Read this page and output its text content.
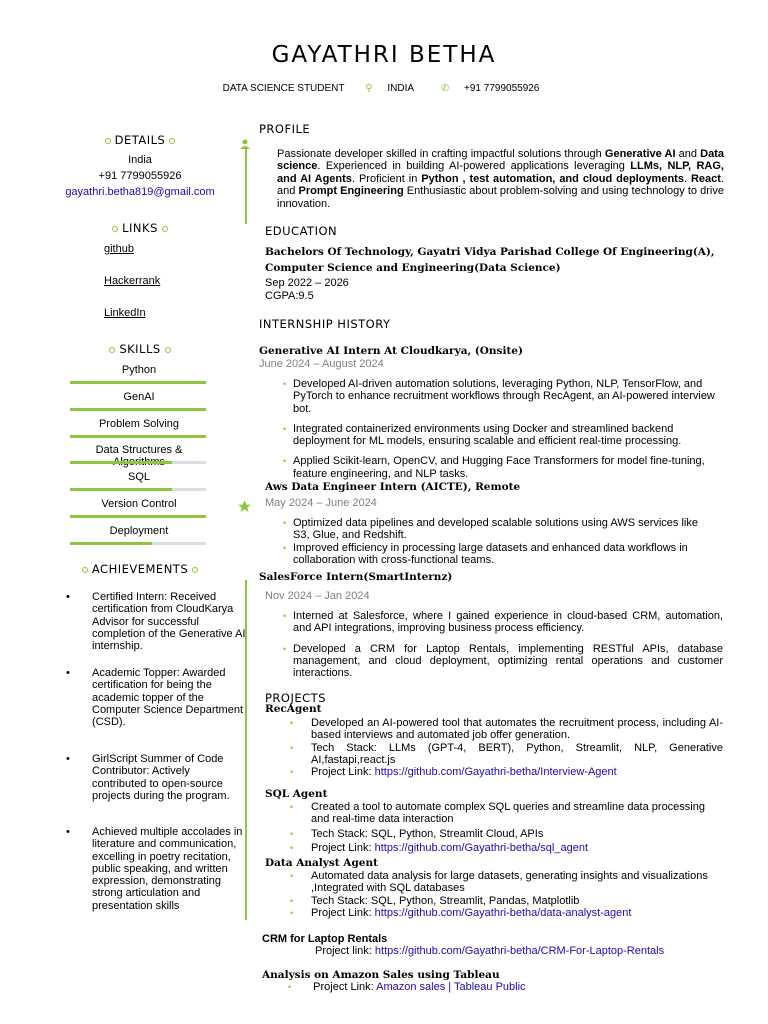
GAYATHRI BETHA
DATA SCIENCE STUDENT ⚲ INDIA	✆ +91 7799055926
DETAILS
India
+91 7799055926
gayathri.betha819@gmail.com
LINKS
github
Hackerrank
LinkedIn
SKILLS
Python
GenAI
Problem Solving
Data Structures &
SQL
Version Control
Deployment
ACHIEVEMENTS
• Certified Intern: Received certification from CloudKarya Advisor for successful completion of the Generative AI internship.
• Academic Topper: Awarded certification for being the academic topper of the Computer Science Department (CSD).
• GirlScript Summer of Code Contributor: Actively contributed to open-source projects during the program.
• Achieved multiple accolades in literature and communication, excelling in poetry recitation, public speaking, and written expression, demonstrating strong articulation and presentation skills
PROFILE
Passionate developer skilled in crafting impactful solutions through Generative AI and Data science. Experienced in building AI-powered applications leveraging LLMs, NLP, RAG, and AI Agents. Proficient in Python , test automation, and cloud deployments. React. and Prompt Engineering Enthusiastic about problem-solving and using technology to drive innovation.
EDUCATION
Bachelors Of Technology, Gayatri Vidya Parishad College Of Engineering(A), Computer Science and Engineering(Data Science)
Sep 2022 – 2026
CGPA:9.5
INTERNSHIP HISTORY
Generative AI Intern At Cloudkarya, (Onsite)
June 2024 – August 2024
• Developed AI-driven automation solutions, leveraging Python, NLP, TensorFlow, and PyTorch to enhance recruitment workflows through RecAgent, an AI-powered interview bot.
• Integrated containerized environments using Docker and streamlined backend deployment for ML models, ensuring scalable and efficient real-time processing.
• Applied Scikit-learn, OpenCV, and Hugging Face Transformers for model fine-tuning, feature engineering, and NLP tasks.
Aws Data Engineer Intern (AICTE), Remote
May 2024 – June 2024
• Optimized data pipelines and developed scalable solutions using AWS services like S3, Glue, and Redshift.
• Improved efficiency in processing large datasets and enhanced data workflows in collaboration with cross-functional teams.
SalesForce Intern(SmartInternz)
Nov 2024 – Jan 2024
• Interned at Salesforce, where I gained experience in cloud-based CRM, automation, and API integrations, improving business process efficiency.
• Developed a CRM for Laptop Rentals, implementing RESTful APIs, database management, and cloud deployment, optimizing rental operations and customer interactions.
PROJECTS
RecAgent
• Developed an AI-powered tool that automates the recruitment process, including AI-based interviews and automated job offer generation.
• Tech Stack: LLMs (GPT-4, BERT), Python, Streamlit, NLP, Generative AI,fastapi,react.js
• Project Link: https://github.com/Gayathri-betha/Interview-Agent
SQL Agent
• Created a tool to automate complex SQL queries and streamline data processing and real-time data interaction
• Tech Stack: SQL, Python, Streamlit Cloud, APIs
• Project Link: https://github.com/Gayathri-betha/sql_agent
Data Analyst Agent
• Automated data analysis for large datasets, generating insights and visualizations ,Integrated with SQL databases
• Tech Stack: SQL, Python, Streamlit, Pandas, Matplotlib
• Project Link: https://github.com/Gayathri-betha/data-analyst-agent
CRM for Laptop Rentals
Project link: https://github.com/Gayathri-betha/CRM-For-Laptop-Rentals
Analysis on Amazon Sales using Tableau
• Project Link: Amazon sales | Tableau Public
